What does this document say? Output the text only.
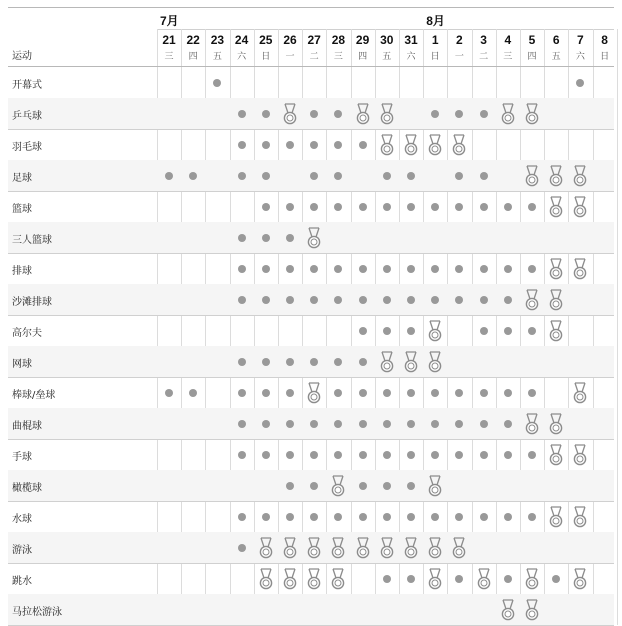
运动
7月	8月
21
三
22
四
23
五
24
六
25
日
26
一
27
二
28
三
29
四
30
五
31
六
1
日
2
一
3
二
4
三
5
四
6
五
7
六
8
日
开幕式
乒乓球
羽毛球
足球
篮球
三人篮球
排球
沙滩排球
高尔夫
网球
棒球/垒球
曲棍球
手球
橄榄球
水球
游泳
跳水
马拉松游泳
